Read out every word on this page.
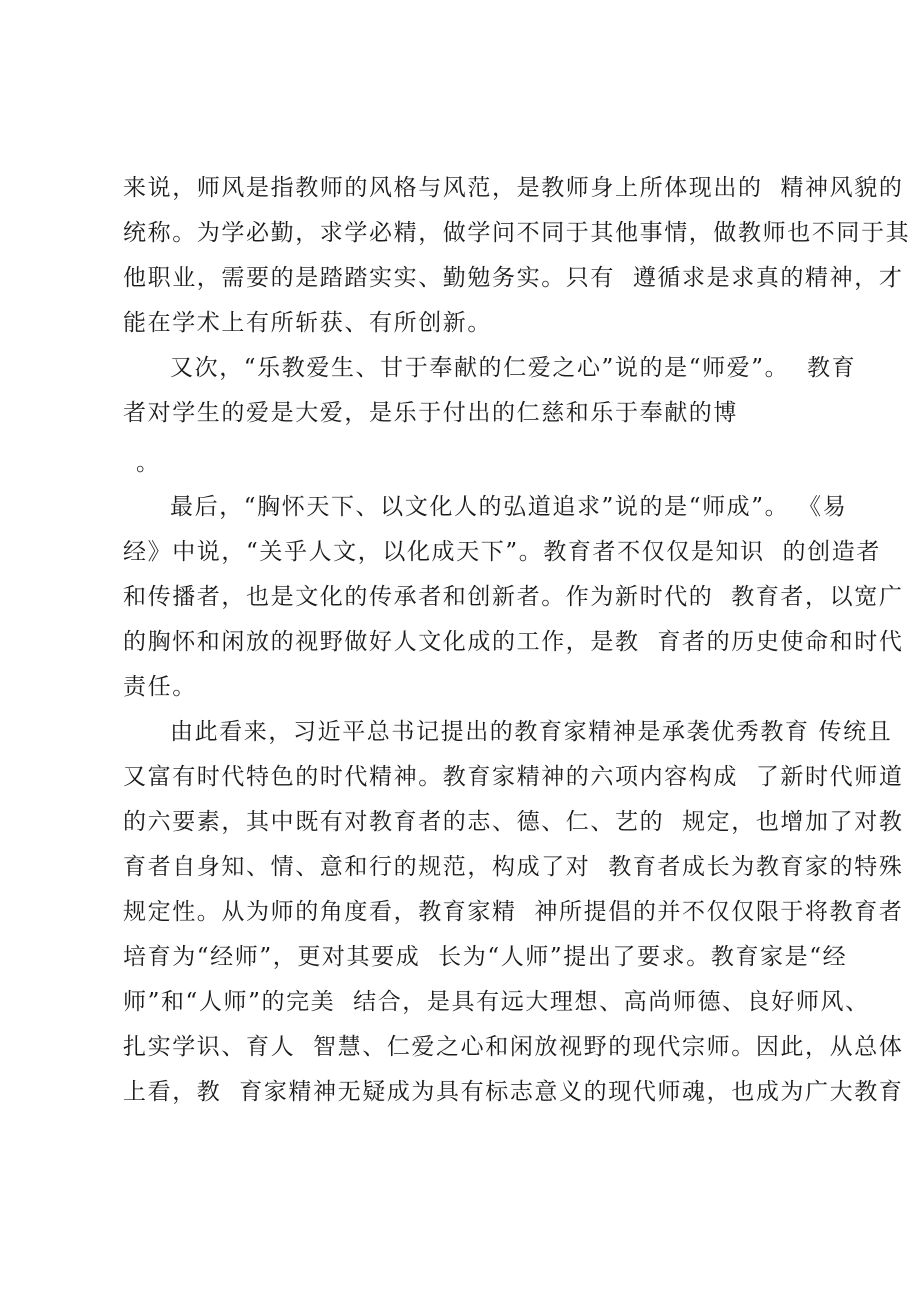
来说，师风是指教师的风格与风范，是教师身上所体现出的  精神风貌的
统称。为学必勤，求学必精，做学问不同于其他事情，做教师也不同于其
他职业，需要的是踏踏实实、勤勉务实。只有  遵循求是求真的精神，才
能在学术上有所斩获、有所创新。
又次，“乐教爱生、甘于奉献的仁爱之心”说的是“师爱”。  教育
者对学生的爱是大爱，是乐于付出的仁慈和乐于奉献的博
。
最后，“胸怀天下、以文化人的弘道追求”说的是“师成”。 《易
经》中说，“关乎人文，以化成天下”。教育者不仅仅是知识  的创造者
和传播者，也是文化的传承者和创新者。作为新时代的  教育者，以宽广
的胸怀和闲放的视野做好人文化成的工作，是教  育者的历史使命和时代
责任。
由此看来，习近平总书记提出的教育家精神是承袭优秀教育 传统且
又富有时代特色的时代精神。教育家精神的六项内容构成  了新时代师道
的六要素，其中既有对教育者的志、德、仁、艺的  规定，也增加了对教
育者自身知、情、意和行的规范，构成了对  教育者成长为教育家的特殊
规定性。从为师的角度看，教育家精  神所提倡的并不仅仅限于将教育者
培育为“经师”，更对其要成  长为“人师”提出了要求。教育家是“经
师”和“人师”的完美  结合，是具有远大理想、高尚师德、良好师风、
扎实学识、育人  智慧、仁爱之心和闲放视野的现代宗师。因此，从总体
上看，教  育家精神无疑成为具有标志意义的现代师魂，也成为广大教育
